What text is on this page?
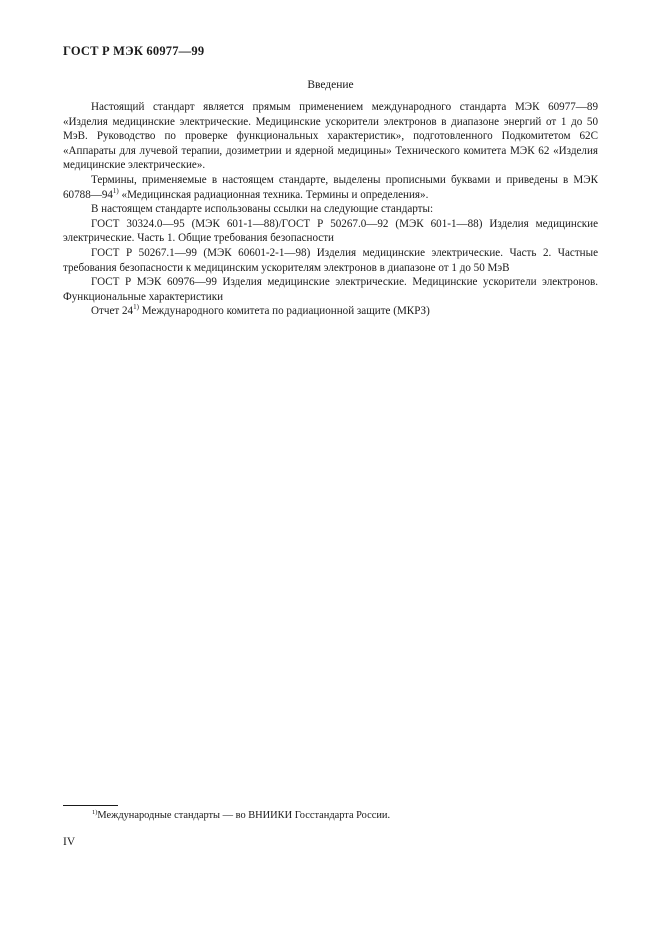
ГОСТ Р МЭК 60977—99
Введение

Настоящий стандарт является прямым применением международного стандарта МЭК 60977—89 «Изделия медицинские электрические. Медицинские ускорители электронов в диапазоне энергий от 1 до 50 МэВ. Руководство по проверке функциональных характеристик», подготовленного Подкомитетом 62С «Аппараты для лучевой терапии, дозиметрии и ядерной медицины» Технического комитета МЭК 62 «Изделия медицинские электрические».

Термины, применяемые в настоящем стандарте, выделены прописными буквами и приведены в МЭК 60788—94$^{1)}$ «Медицинская радиационная техника. Термины и определения».

В настоящем стандарте использованы ссылки на следующие стандарты:

ГОСТ 30324.0—95 (МЭК 601-1—88)/ГОСТ Р 50267.0—92 (МЭК 601-1—88) Изделия медицинские электрические. Часть 1. Общие требования безопасности

ГОСТ Р 50267.1—99 (МЭК 60601-2-1—98) Изделия медицинские электрические. Часть 2. Частные требования безопасности к медицинским ускорителям электронов в диапазоне от 1 до 50 МэВ

ГОСТ Р МЭК 60976—99 Изделия медицинские электрические. Медицинские ускорители электронов. Функциональные характеристики

Отчет 24$^{1)}$ Международного комитета по радиационной защите (МКРЗ)

$^{1)}$Международные стандарты — во ВНИИКИ Госстандарта России.
IV
